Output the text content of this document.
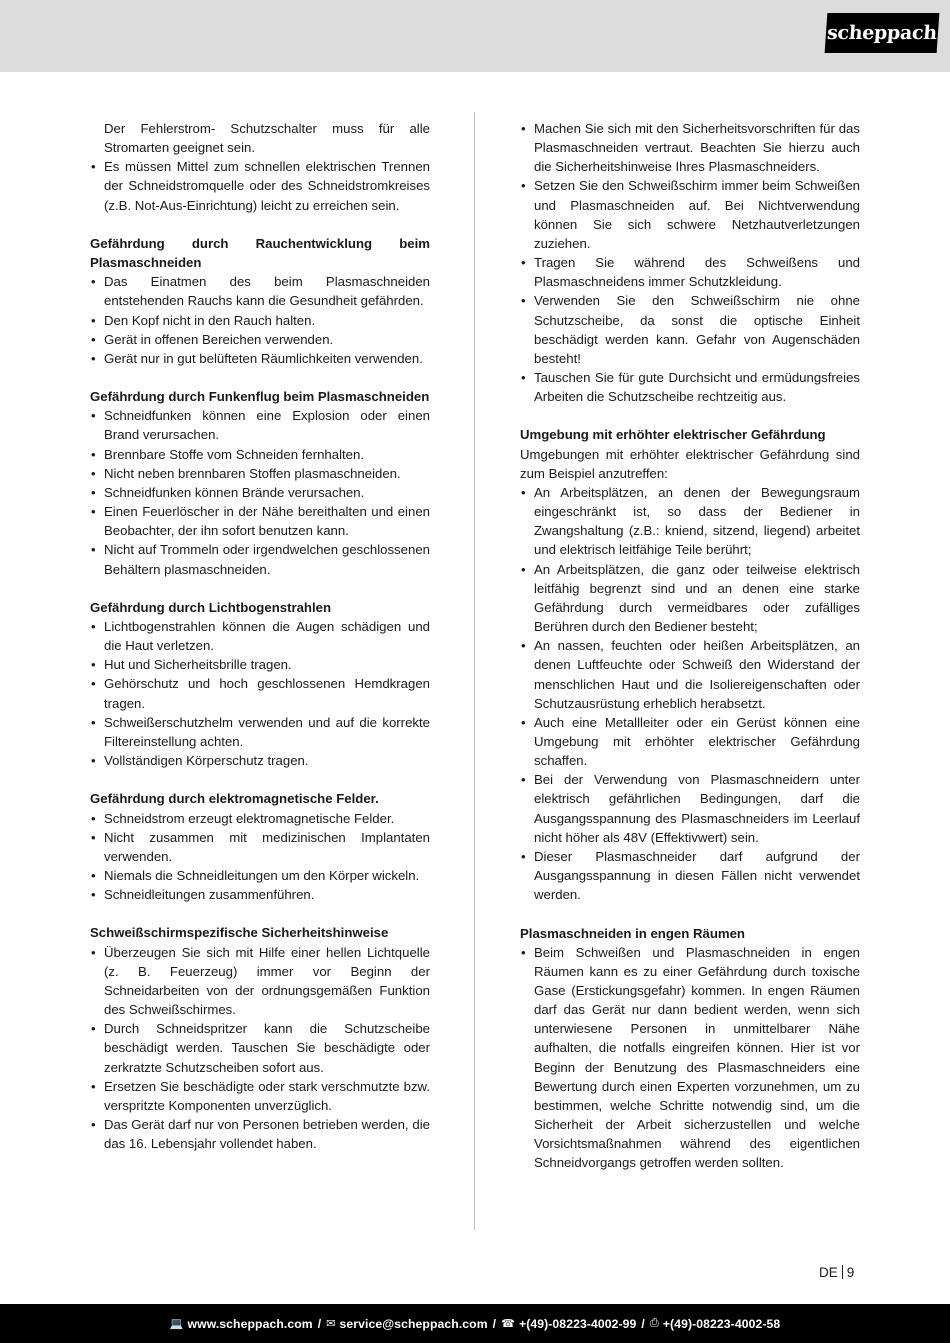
scheppach
Der Fehlerstrom- Schutzschalter muss für alle Stromarten geeignet sein.
• Es müssen Mittel zum schnellen elektrischen Trennen der Schneidstromquelle oder des Schneidstromkreises (z.B. Not-Aus-Einrichtung) leicht zu erreichen sein.
Gefährdung durch Rauchentwicklung beim Plasmaschneiden
• Das Einatmen des beim Plasmaschneiden entstehenden Rauchs kann die Gesundheit gefährden.
• Den Kopf nicht in den Rauch halten.
• Gerät in offenen Bereichen verwenden.
• Gerät nur in gut belüfteten Räumlichkeiten verwenden.
Gefährdung durch Funkenflug beim Plasmaschneiden
• Schneidfunken können eine Explosion oder einen Brand verursachen.
• Brennbare Stoffe vom Schneiden fernhalten.
• Nicht neben brennbaren Stoffen plasmaschneiden.
• Schneidfunken können Brände verursachen.
• Einen Feuerlöscher in der Nähe bereithalten und einen Beobachter, der ihn sofort benutzen kann.
• Nicht auf Trommeln oder irgendwelchen geschlossenen Behältern plasmaschneiden.
Gefährdung durch Lichtbogenstrahlen
• Lichtbogenstrahlen können die Augen schädigen und die Haut verletzen.
• Hut und Sicherheitsbrille tragen.
• Gehörschutz und hoch geschlossenen Hemdkragen tragen.
• Schweißerschutzhelm verwenden und auf die korrekte Filtereinstellung achten.
• Vollständigen Körperschutz tragen.
Gefährdung durch elektromagnetische Felder.
• Schneidstrom erzeugt elektromagnetische Felder.
• Nicht zusammen mit medizinischen Implantaten verwenden.
• Niemals die Schneidleitungen um den Körper wickeln.
• Schneidleitungen zusammenführen.
Schweißschirmspezifische Sicherheitshinweise
• Überzeugen Sie sich mit Hilfe einer hellen Lichtquelle (z. B. Feuerzeug) immer vor Beginn der Schneidarbeiten von der ordnungsgemäßen Funktion des Schweißschirmes.
• Durch Schneidspritzer kann die Schutzscheibe beschädigt werden. Tauschen Sie beschädigte oder zerkratzte Schutzscheiben sofort aus.
• Ersetzen Sie beschädigte oder stark verschmutzte bzw. verspritzte Komponenten unverzüglich.
• Das Gerät darf nur von Personen betrieben werden, die das 16. Lebensjahr vollendet haben.
• Machen Sie sich mit den Sicherheitsvorschriften für das Plasmaschneiden vertraut. Beachten Sie hierzu auch die Sicherheitshinweise Ihres Plasmaschneiders.
• Setzen Sie den Schweißschirm immer beim Schweißen und Plasmaschneiden auf. Bei Nichtverwendung können Sie sich schwere Netzhautverletzungen zuziehen.
• Tragen Sie während des Schweißens und Plasmaschneidens immer Schutzkleidung.
• Verwenden Sie den Schweißschirm nie ohne Schutzscheibe, da sonst die optische Einheit beschädigt werden kann. Gefahr von Augenschäden besteht!
• Tauschen Sie für gute Durchsicht und ermüdungsfreies Arbeiten die Schutzscheibe rechtzeitig aus.
Umgebung mit erhöhter elektrischer Gefährdung
Umgebungen mit erhöhter elektrischer Gefährdung sind zum Beispiel anzutreffen:
• An Arbeitsplätzen, an denen der Bewegungsraum eingeschränkt ist, so dass der Bediener in Zwangshaltung (z.B.: kniend, sitzend, liegend) arbeitet und elektrisch leitfähige Teile berührt;
• An Arbeitsplätzen, die ganz oder teilweise elektrisch leitfähig begrenzt sind und an denen eine starke Gefährdung durch vermeidbares oder zufälliges Berühren durch den Bediener besteht;
• An nassen, feuchten oder heißen Arbeitsplätzen, an denen Luftfeuchte oder Schweiß den Widerstand der menschlichen Haut und die Isoliereigenschaften oder Schutzausrüstung erheblich herabsetzt.
• Auch eine Metallleiter oder ein Gerüst können eine Umgebung mit erhöhter elektrischer Gefährdung schaffen.
• Bei der Verwendung von Plasmaschneidern unter elektrisch gefährlichen Bedingungen, darf die Ausgangsspannung des Plasmaschneiders im Leerlauf nicht höher als 48V (Effektivwert) sein.
• Dieser Plasmaschneider darf aufgrund der Ausgangsspannung in diesen Fällen nicht verwendet werden.
Plasmaschneiden in engen Räumen
• Beim Schweißen und Plasmaschneiden in engen Räumen kann es zu einer Gefährdung durch toxische Gase (Erstickungsgefahr) kommen. In engen Räumen darf das Gerät nur dann bedient werden, wenn sich unterwiesene Personen in unmittelbarer Nähe aufhalten, die notfalls eingreifen können. Hier ist vor Beginn der Benutzung des Plasmaschneiders eine Bewertung durch einen Experten vorzunehmen, um zu bestimmen, welche Schritte notwendig sind, um die Sicherheit der Arbeit sicherzustellen und welche Vorsichtsmaßnahmen während des eigentlichen Schneidvorgangs getroffen werden sollten.
DE 9
💻 www.scheppach.com / ✉ service@scheppach.com / ☎ +(49)-08223-4002-99 / ⎙ +(49)-08223-4002-58
